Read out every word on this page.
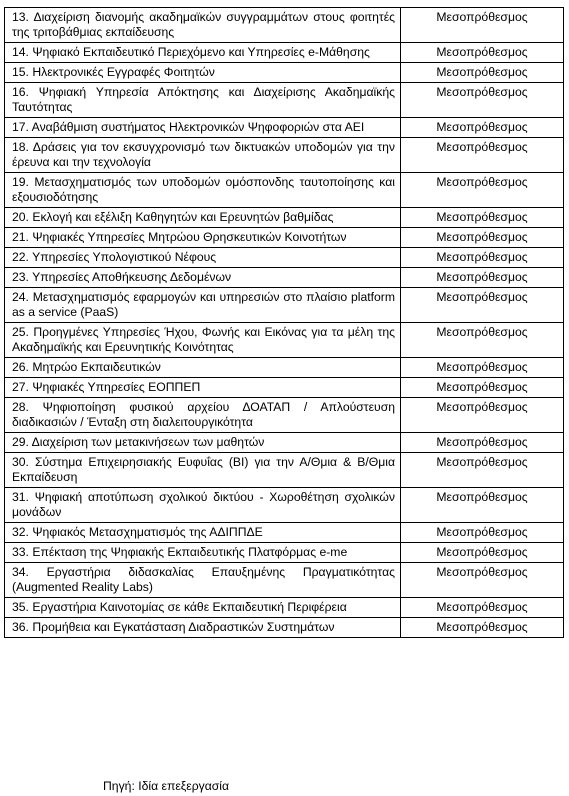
13. Διαχείριση διανομής ακαδημαϊκών συγγραμμάτων στους φοιτητές της τριτοβάθμιας εκπαίδευσης	Μεσοπρόθεσμος
14. Ψηφιακό Εκπαιδευτικό Περιεχόμενο και Υπηρεσίες e-Μάθησης	Μεσοπρόθεσμος
15. Ηλεκτρονικές Εγγραφές Φοιτητών	Μεσοπρόθεσμος
16. Ψηφιακή Υπηρεσία Απόκτησης και Διαχείρισης Ακαδημαϊκής Ταυτότητας	Μεσοπρόθεσμος
17. Αναβάθμιση συστήματος Ηλεκτρονικών Ψηφοφοριών στα ΑΕΙ	Μεσοπρόθεσμος
18. Δράσεις για τον εκσυγχρονισμό των δικτυακών υποδομών για την έρευνα και την τεχνολογία	Μεσοπρόθεσμος
19. Μετασχηματισμός των υποδομών ομόσπονδης ταυτοποίησης και εξουσιοδότησης	Μεσοπρόθεσμος
20. Εκλογή και εξέλιξη Καθηγητών και Ερευνητών βαθμίδας	Μεσοπρόθεσμος
21. Ψηφιακές Υπηρεσίες Μητρώου Θρησκευτικών Κοινοτήτων	Μεσοπρόθεσμος
22. Υπηρεσίες Υπολογιστικού Νέφους	Μεσοπρόθεσμος
23. Υπηρεσίες Αποθήκευσης Δεδομένων	Μεσοπρόθεσμος
24. Μετασχηματισμός εφαρμογών και υπηρεσιών στο πλαίσιο platform as a service (PaaS)	Μεσοπρόθεσμος
25. Προηγμένες Υπηρεσίες Ήχου, Φωνής και Εικόνας για τα μέλη της Ακαδημαϊκής και Ερευνητικής Κοινότητας	Μεσοπρόθεσμος
26. Μητρώο Εκπαιδευτικών	Μεσοπρόθεσμος
27. Ψηφιακές Υπηρεσίες ΕΟΠΠΕΠ	Μεσοπρόθεσμος
28. Ψηφιοποίηση φυσικού αρχείου ΔΟΑΤΑΠ / Απλούστευση διαδικασιών / Ένταξη στη διαλειτουργικότητα	Μεσοπρόθεσμος
29. Διαχείριση των μετακινήσεων των μαθητών	Μεσοπρόθεσμος
30. Σύστημα Επιχειρησιακής Ευφυΐας (BI) για την Α/Θμια & Β/Θμια Εκπαίδευση	Μεσοπρόθεσμος
31. Ψηφιακή αποτύπωση σχολικού δικτύου - Χωροθέτηση σχολικών μονάδων	Μεσοπρόθεσμος
32. Ψηφιακός Μετασχηματισμός της ΑΔΙΠΠΔΕ	Μεσοπρόθεσμος
33. Επέκταση της Ψηφιακής Εκπαιδευτικής Πλατφόρμας e-me	Μεσοπρόθεσμος
34. Εργαστήρια διδασκαλίας Επαυξημένης Πραγματικότητας (Augmented Reality Labs)	Μεσοπρόθεσμος
35. Εργαστήρια Καινοτομίας σε κάθε Εκπαιδευτική Περιφέρεια	Μεσοπρόθεσμος
36. Προμήθεια και Εγκατάσταση Διαδραστικών Συστημάτων	Μεσοπρόθεσμος
Πηγή: Ιδία επεξεργασία
